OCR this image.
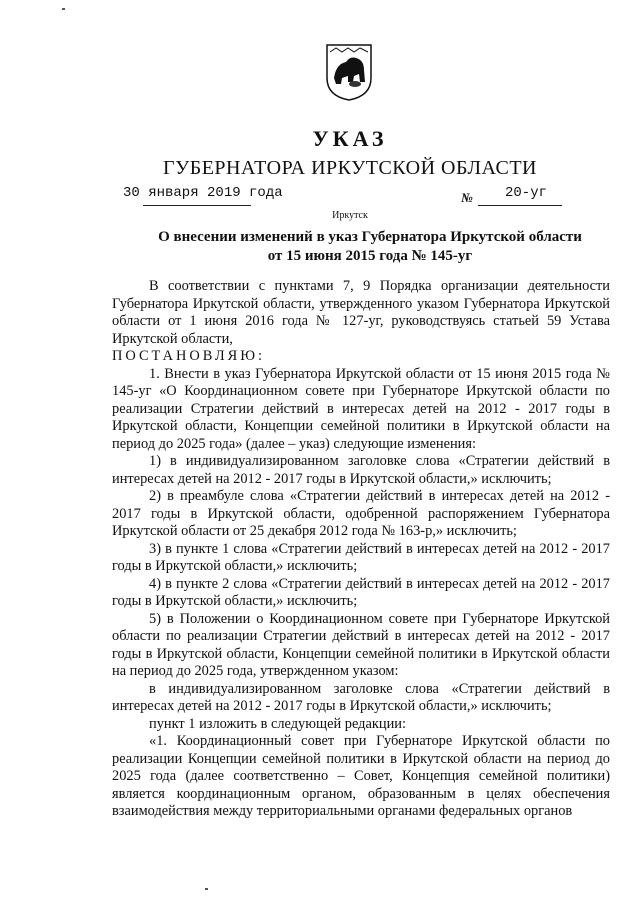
УКАЗ
ГУБЕРНАТОРА ИРКУТСКОЙ ОБЛАСТИ
30 января 2019 года	№ 20-уг
Иркутск
О внесении изменений в указ Губернатора Иркутской области
от 15 июня 2015 года № 145-уг

В соответствии с пунктами 7, 9 Порядка организации деятельности Губернатора Иркутской области, утвержденного указом Губернатора Иркутской области от 1 июня 2016 года № 127-уг, руководствуясь статьей 59 Устава Иркутской области,

ПОСТАНОВЛЯЮ:

1. Внести в указ Губернатора Иркутской области от 15 июня 2015 года № 145-уг «О Координационном совете при Губернаторе Иркутской области по реализации Стратегии действий в интересах детей на 2012 - 2017 годы в Иркутской области, Концепции семейной политики в Иркутской области на период до 2025 года» (далее – указ) следующие изменения:

1) в индивидуализированном заголовке слова «Стратегии действий в интересах детей на 2012 - 2017 годы в Иркутской области,» исключить;

2) в преамбуле слова «Стратегии действий в интересах детей на 2012 - 2017 годы в Иркутской области, одобренной распоряжением Губернатора Иркутской области от 25 декабря 2012 года № 163-р,» исключить;

3) в пункте 1 слова «Стратегии действий в интересах детей на 2012 - 2017 годы в Иркутской области,» исключить;

4) в пункте 2 слова «Стратегии действий в интересах детей на 2012 - 2017 годы в Иркутской области,» исключить;

5) в Положении о Координационном совете при Губернаторе Иркутской области по реализации Стратегии действий в интересах детей на 2012 - 2017 годы в Иркутской области, Концепции семейной политики в Иркутской области на период до 2025 года, утвержденном указом:

в индивидуализированном заголовке слова «Стратегии действий в интересах детей на 2012 - 2017 годы в Иркутской области,» исключить;

пункт 1 изложить в следующей редакции:

«1. Координационный совет при Губернаторе Иркутской области по реализации Концепции семейной политики в Иркутской области на период до 2025 года (далее соответственно – Совет, Концепция семейной политики) является координационным органом, образованным в целях обеспечения взаимодействия между территориальными органами федеральных органов
